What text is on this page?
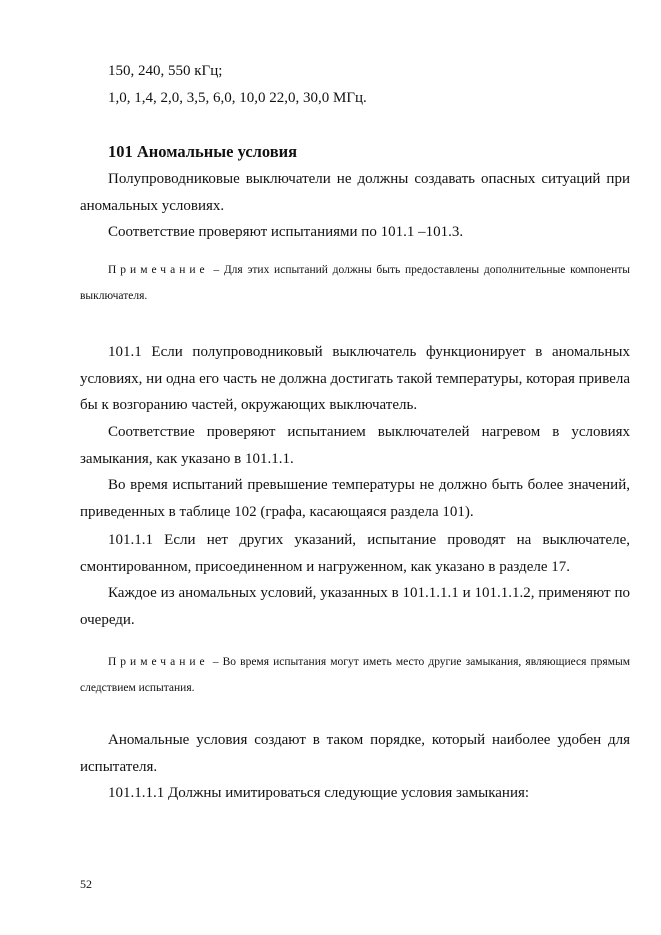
150, 240, 550 кГц;
1,0, 1,4, 2,0, 3,5, 6,0, 10,0 22,0, 30,0 МГц.
101 Аномальные условия
Полупроводниковые выключатели не должны создавать опасных ситуаций при аномальных условиях.
Соответствие проверяют испытаниями по 101.1 –101.3.
Примечание – Для этих испытаний должны быть предоставлены дополнительные компоненты выключателя.
101.1 Если полупроводниковый выключатель функционирует в аномальных условиях, ни одна его часть не должна достигать такой температуры, которая привела бы к возгоранию частей, окружающих выключатель.
Соответствие проверяют испытанием выключателей нагревом в условиях замыкания, как указано в 101.1.1.
Во время испытаний превышение температуры не должно быть более значений, приведенных в таблице 102 (графа, касающаяся раздела 101).
101.1.1 Если нет других указаний, испытание проводят на выключателе, смонтированном, присоединенном и нагруженном, как указано в разделе 17.
Каждое из аномальных условий, указанных в 101.1.1.1 и 101.1.1.2, применяют по очереди.
Примечание – Во время испытания могут иметь место другие замыкания, являющиеся прямым следствием испытания.
Аномальные условия создают в таком порядке, который наиболее удобен для испытателя.
101.1.1.1 Должны имитироваться следующие условия замыкания:
52
